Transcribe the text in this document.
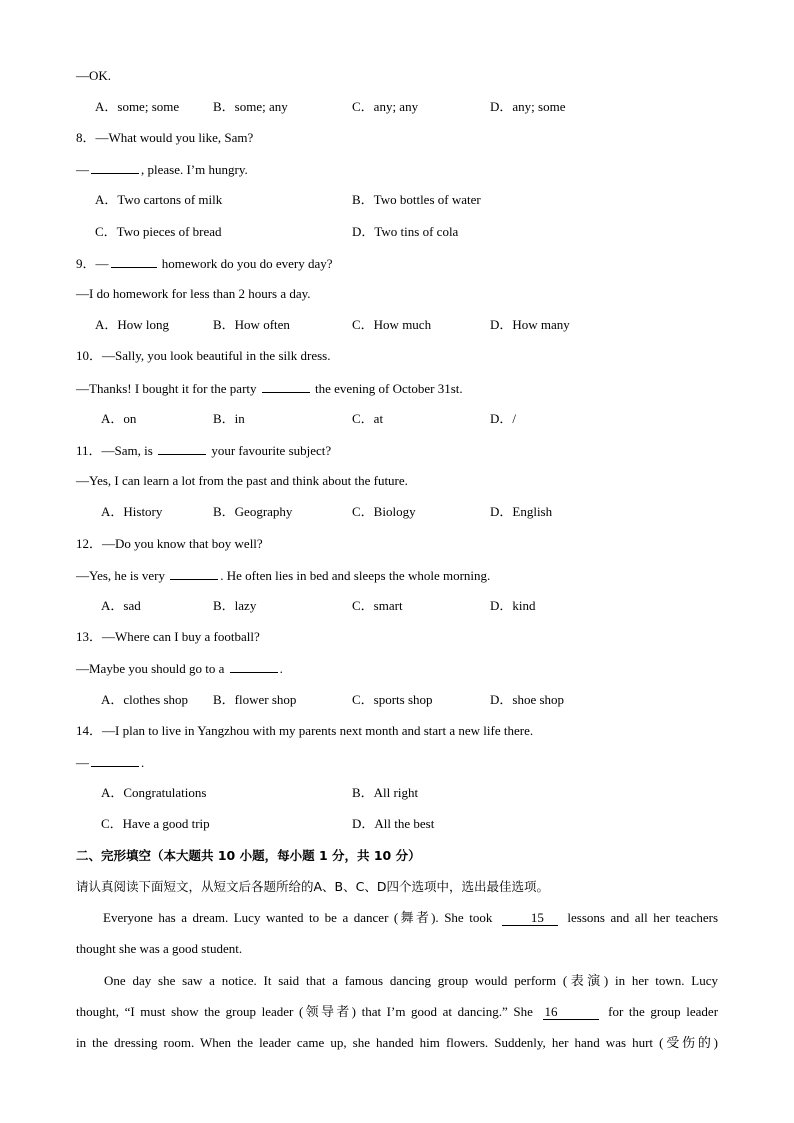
—OK.
A．some; some	B．some; any	C．any; any	D．any; some
8．—What would you like, Sam?
—	, please. I’m hungry.
A．Two cartons of milk	B．Two bottles of water
C．Two pieces of bread	D．Two tins of cola
9．—	homework do you do every day?
—I do homework for less than 2 hours a day.
A．How long	B．How often	C．How much	D．How many
10．—Sally, you look beautiful in the silk dress.
—Thanks! I bought it for the party	the evening of October 31st.
A．on	B．in	C．at	D．/
11．—Sam, is	your favourite subject?
—Yes, I can learn a lot from the past and think about the future.
A．History	B．Geography	C．Biology	D．English
12．—Do you know that boy well?
—Yes, he is very	. He often lies in bed and sleeps the whole morning.
A．sad	B．lazy	C．smart	D．kind
13．—Where can I buy a football?
—Maybe you should go to a	.
A．clothes shop B．flower shop	C．sports shop	D．shoe shop
14．—I plan to live in Yangzhou with my parents next month and start a new life there.
—	.
A．Congratulations	B．All right
C．Have a good trip	D．All the best
二、完形填空（本大题共 10 小题，每小题 1 分，共 10 分）
请认真阅读下面短文，从短文后各题所给的A、B、C、D四个选项中，选出最佳选项。
Everyone has a dream. Lucy wanted to be a dancer (舞者). She took	15 lessons and all her teachers
thought she was a good student.
One day she saw a notice. It said that a famous dancing group would perform (表演) in her town. Lucy
thought, “I must show the group leader (领导者) that I’m good at dancing.” She 16	for the group leader
in the dressing room. When the leader came up, she handed him flowers. Suddenly, her hand was hurt (受伤的)
